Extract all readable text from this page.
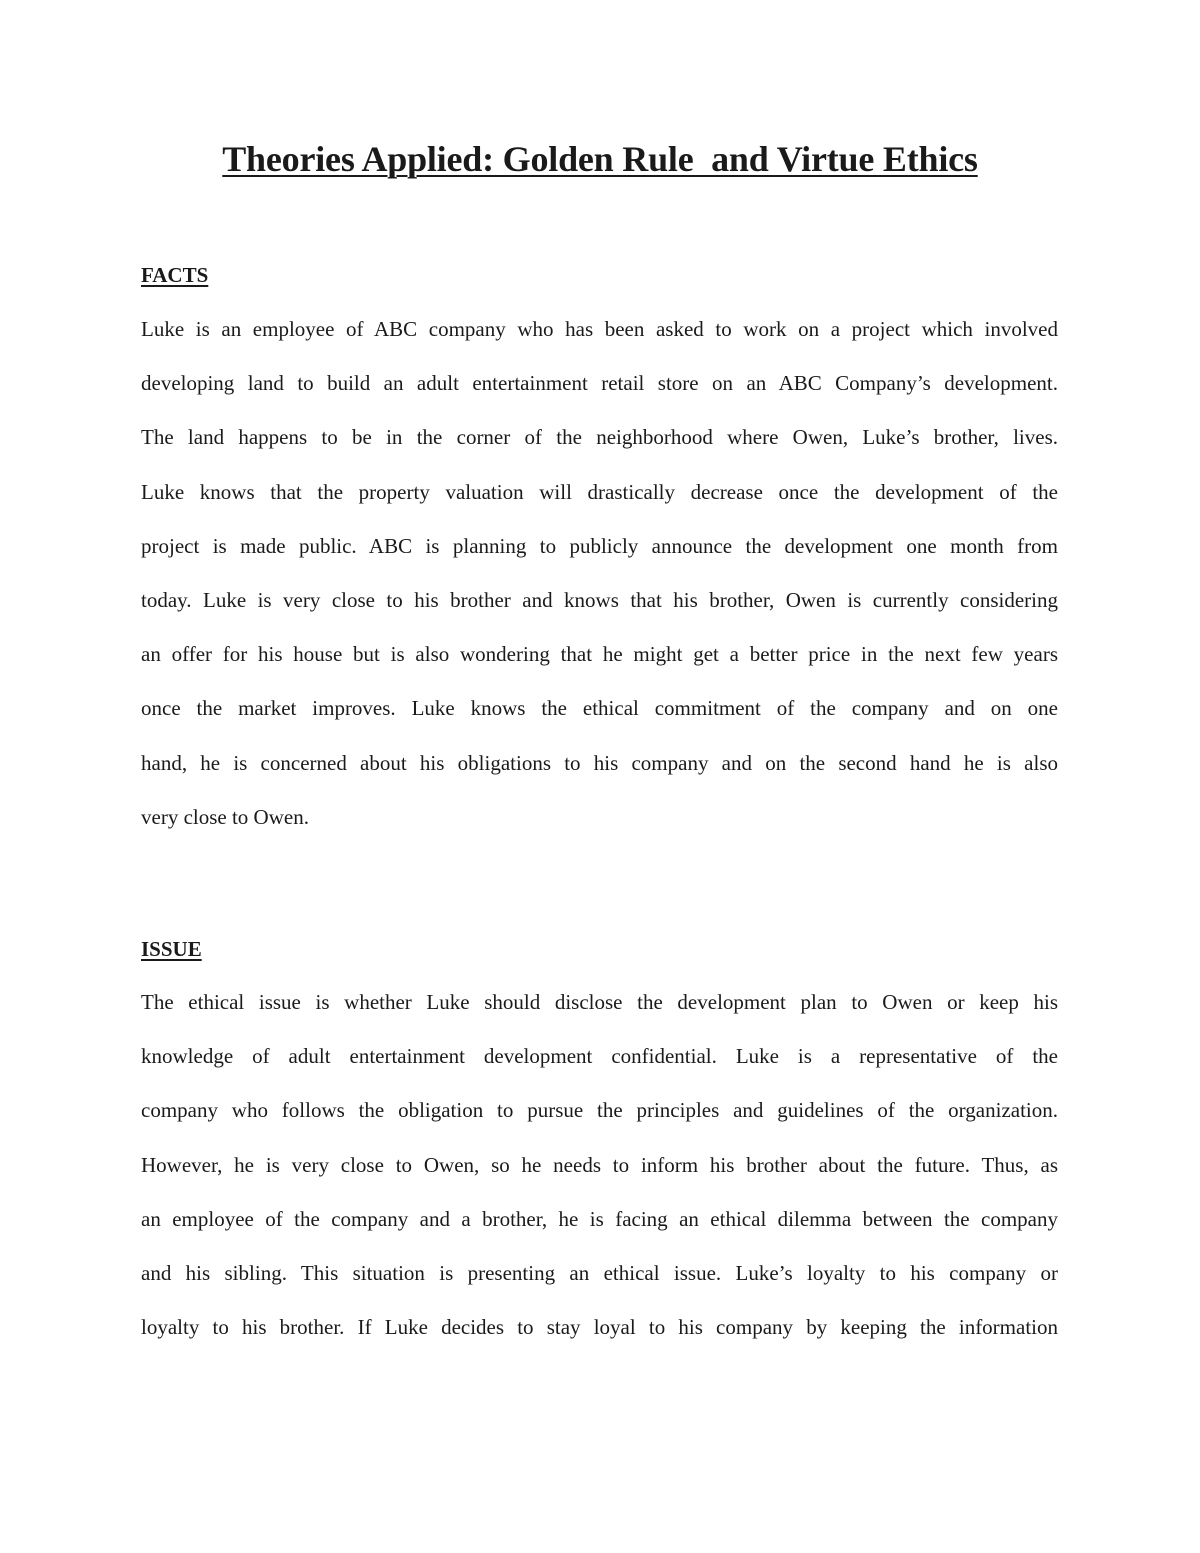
Theories Applied: Golden Rule  and Virtue Ethics
FACTS

Luke is an employee of ABC company who has been asked to work on a project which involved
developing land to build an adult entertainment retail store on an ABC Company’s development.
The land happens to be in the corner of the neighborhood where Owen, Luke’s brother, lives.
Luke knows that the property valuation will drastically decrease once the development of the
project is made public. ABC is planning to publicly announce the development one month from
today. Luke is very close to his brother and knows that his brother, Owen is currently considering
an offer for his house but is also wondering that he might get a better price in the next few years
once the market improves. Luke knows the ethical commitment of the company and on one
hand, he is concerned about his obligations to his company and on the second hand he is also
very close to Owen.

ISSUE

The ethical issue is whether Luke should disclose the development plan to Owen or keep his
knowledge of adult entertainment development confidential. Luke is a representative of the
company who follows the obligation to pursue the principles and guidelines of the organization.
However, he is very close to Owen, so he needs to inform his brother about the future. Thus, as
an employee of the company and a brother, he is facing an ethical dilemma between the company
and his sibling. This situation is presenting an ethical issue. Luke’s loyalty to his company or
loyalty to his brother. If Luke decides to stay loyal to his company by keeping the information
